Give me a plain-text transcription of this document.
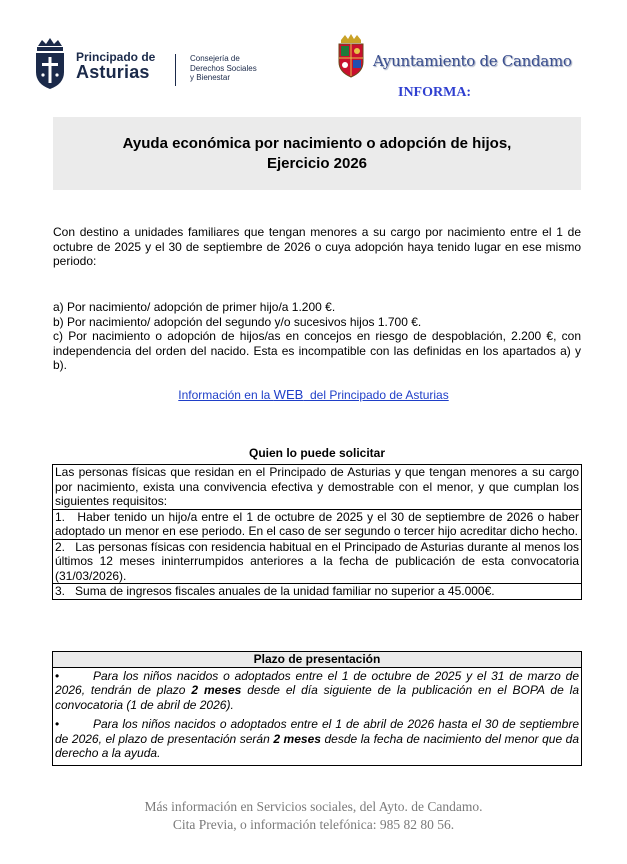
Principado de
Asturias
Consejería de
Derechos Sociales
y Bienestar
Ayuntamiento de Candamo
INFORMA:
Ayuda económica por nacimiento o adopción de hijos,
Ejercicio 2026
Con destino a unidades familiares que tengan menores a su cargo por nacimiento entre el 1 de octubre de 2025 y el 30 de septiembre de 2026 o cuya adopción haya tenido lugar en ese mismo periodo:

a) Por nacimiento/ adopción de primer hijo/a 1.200 €.

b) Por nacimiento/ adopción del segundo y/o sucesivos hijos 1.700 €.

c) Por nacimiento o adopción de hijos/as en concejos en riesgo de despoblación, 2.200 €, con independencia del orden del nacido. Esta es incompatible con las definidas en los apartados a) y b).

Información en la WEB  del Principado de Asturias
Quien lo puede solicitar
Las personas físicas que residan en el Principado de Asturias y que tengan menores a su cargo por nacimiento, exista una convivencia efectiva y demostrable con el menor, y que cumplan los siguientes requisitos:
1.   Haber tenido un hijo/a entre el 1 de octubre de 2025 y el 30 de septiembre de 2026 o haber adoptado un menor en ese periodo. En el caso de ser segundo o tercer hijo acreditar dicho hecho.
2.   Las personas físicas con residencia habitual en el Principado de Asturias durante al menos los últimos 12 meses ininterrumpidos anteriores a la fecha de publicación de esta convocatoria (31/03/2026).
3.   Suma de ingresos fiscales anuales de la unidad familiar no superior a 45.000€.
Plazo de presentación
•	Para los niños nacidos o adoptados entre el 1 de octubre de 2025 y el 31 de marzo de 2026, tendrán de plazo 2 meses desde el día siguiente de la publicación en el BOPA de la convocatoria (1 de abril de 2026).
•	Para los niños nacidos o adoptados entre el 1 de abril de 2026 hasta el 30 de septiembre de 2026, el plazo de presentación serán 2 meses desde la fecha de nacimiento del menor que da derecho a la ayuda.
Más información en Servicios sociales, del Ayto. de Candamo.
Cita Previa, o información telefónica: 985 82 80 56.
